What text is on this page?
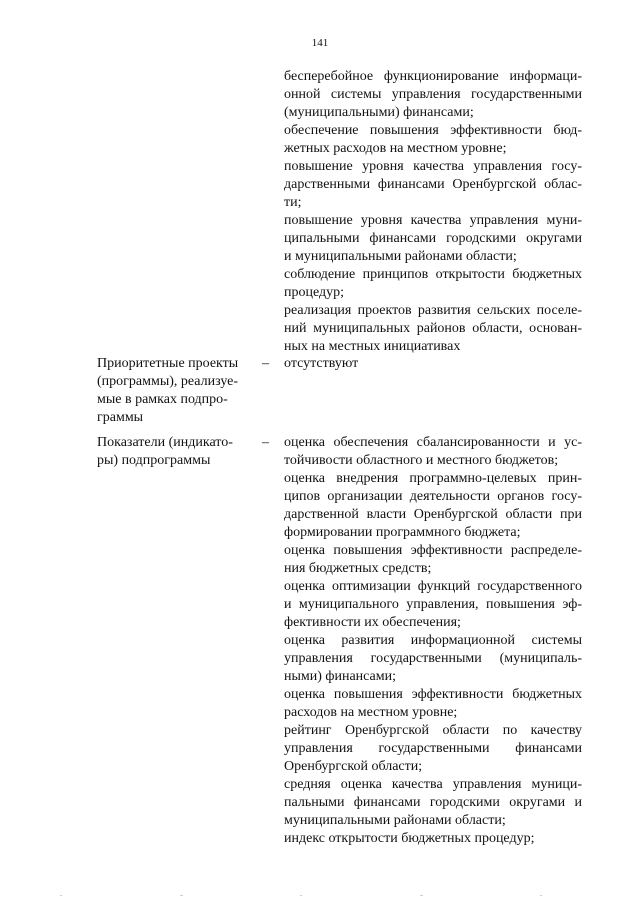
141
бесперебойное функционирование информаци-
онной системы управления государственными
(муниципальными) финансами;
обеспечение повышения эффективности бюд-
жетных расходов на местном уровне;
повышение уровня качества управления госу-
дарственными финансами Оренбургской облас-
ти;
повышение уровня качества управления муни-
ципальными финансами городскими округами
и муниципальными районами области;
соблюдение принципов открытости бюджетных
процедур;
реализация проектов развития сельских поселе-
ний муниципальных районов области, основан-
ных на местных инициативах
Приоритетные проекты
(программы), реализуе-
мые в рамках подпро-
граммы
– отсутствуют
Показатели (индикато-
ры) подпрограммы
– оценка обеспечения сбалансированности и ус-
тойчивости областного и местного бюджетов;
оценка внедрения программно-целевых прин-
ципов организации деятельности органов госу-
дарственной власти Оренбургской области при
формировании программного бюджета;
оценка повышения эффективности распределе-
ния бюджетных средств;
оценка оптимизации функций государственного
и муниципального управления, повышения эф-
фективности их обеспечения;
оценка развития информационной системы
управления государственными (муниципаль-
ными) финансами;
оценка повышения эффективности бюджетных
расходов на местном уровне;
рейтинг Оренбургской области по качеству
управления государственными финансами
Оренбургской области;
средняя оценка качества управления муници-
пальными финансами городскими округами и
муниципальными районами области;
индекс открытости бюджетных процедур;
